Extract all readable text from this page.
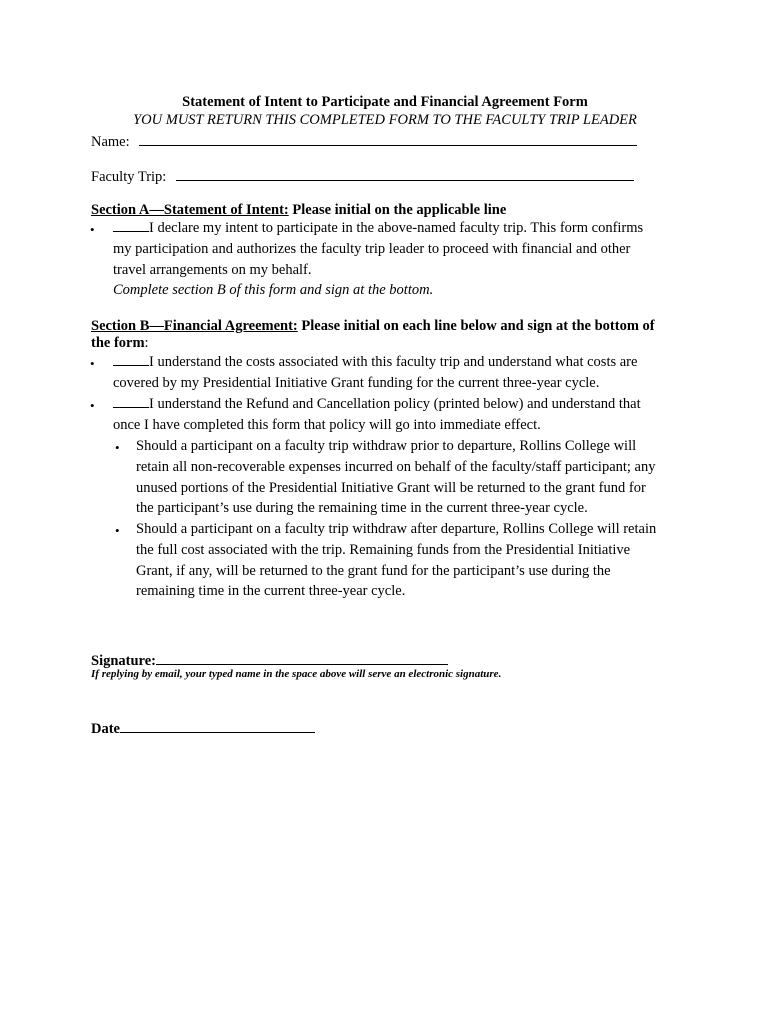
Statement of Intent to Participate and Financial Agreement Form
YOU MUST RETURN THIS COMPLETED FORM TO THE FACULTY TRIP LEADER
Name:
Faculty Trip:
Section A—Statement of Intent: Please initial on the applicable line
•	I declare my intent to participate in the above-named faculty trip. This form confirms
my participation and authorizes the faculty trip leader to proceed with financial and other
travel arrangements on my behalf.
Complete section B of this form and sign at the bottom.
Section B—Financial Agreement: Please initial on each line below and sign at the bottom of
the form:
•	I understand the costs associated with this faculty trip and understand what costs are
covered by my Presidential Initiative Grant funding for the current three-year cycle.
•	I understand the Refund and Cancellation policy (printed below) and understand that
once I have completed this form that policy will go into immediate effect.
• Should a participant on a faculty trip withdraw prior to departure, Rollins College will
retain all non-recoverable expenses incurred on behalf of the faculty/staff participant; any
unused portions of the Presidential Initiative Grant will be returned to the grant fund for
the participant’s use during the remaining time in the current three-year cycle.
• Should a participant on a faculty trip withdraw after departure, Rollins College will retain
the full cost associated with the trip. Remaining funds from the Presidential Initiative
Grant, if any, will be returned to the grant fund for the participant’s use during the
remaining time in the current three-year cycle.
Signature:
If replying by email, your typed name in the space above will serve an electronic signature.
Date
